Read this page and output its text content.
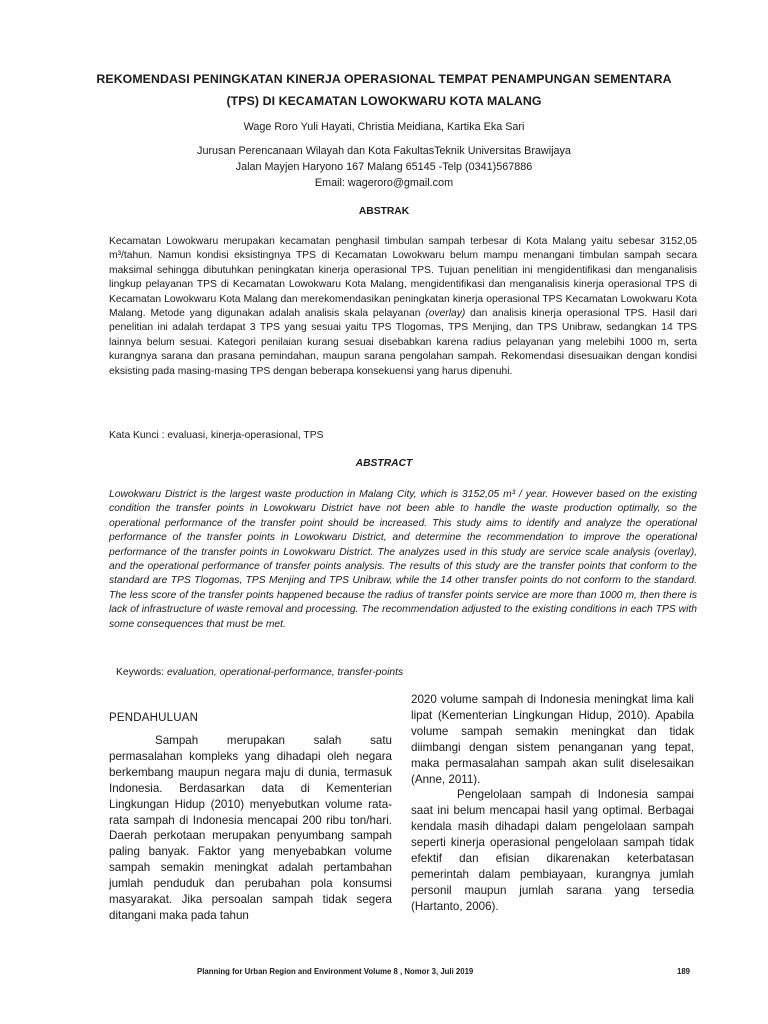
REKOMENDASI PENINGKATAN KINERJA OPERASIONAL TEMPAT PENAMPUNGAN SEMENTARA (TPS) DI KECAMATAN LOWOKWARU KOTA MALANG
Wage Roro Yuli Hayati, Christia Meidiana, Kartika Eka Sari
Jurusan Perencanaan Wilayah dan Kota FakultasTeknik Universitas Brawijaya
Jalan Mayjen Haryono 167 Malang 65145 -Telp (0341)567886
Email: wageroro@gmail.com
ABSTRAK

Kecamatan Lowokwaru merupakan kecamatan penghasil timbulan sampah terbesar di Kota Malang yaitu sebesar 3152,05 m³/tahun. Namun kondisi eksistingnya TPS di Kecamatan Lowokwaru belum mampu menangani timbulan sampah secara maksimal sehingga dibutuhkan peningkatan kinerja operasional TPS. Tujuan penelitian ini mengidentifikasi dan menganalisis lingkup pelayanan TPS di Kecamatan Lowokwaru Kota Malang, mengidentifikasi dan menganalisis kinerja operasional TPS di Kecamatan Lowokwaru Kota Malang dan merekomendasikan peningkatan kinerja operasional TPS Kecamatan Lowokwaru Kota Malang. Metode yang digunakan adalah analisis skala pelayanan (overlay) dan analisis kinerja operasional TPS. Hasil dari penelitian ini adalah terdapat 3 TPS yang sesuai yaitu TPS Tlogomas, TPS Menjing, dan TPS Unibraw, sedangkan 14 TPS lainnya belum sesuai. Kategori penilaian kurang sesuai disebabkan karena radius pelayanan yang melebihi 1000 m, serta kurangnya sarana dan prasana pemindahan, maupun sarana pengolahan sampah. Rekomendasi disesuaikan dengan kondisi eksisting pada masing-masing TPS dengan beberapa konsekuensi yang harus dipenuhi.

Kata Kunci : evaluasi, kinerja-operasional, TPS

ABSTRACT

Lowokwaru District is the largest waste production in Malang City, which is 3152,05 m³ / year. However based on the existing condition the transfer points in Lowokwaru District have not been able to handle the waste production optimally, so the operational performance of the transfer point should be increased. This study aims to identify and analyze the operational performance of the transfer points in Lowokwaru District, and determine the recommendation to improve the operational performance of the transfer points in Lowokwaru District. The analyzes used in this study are service scale analysis (overlay), and the operational performance of transfer points analysis. The results of this study are the transfer points that conform to the standard are TPS Tlogomas, TPS Menjing and TPS Unibraw, while the 14 other transfer points do not conform to the standard. The less score of the transfer points happened because the radius of transfer points service are more than 1000 m, then there is lack of infrastructure of waste removal and processing. The recommendation adjusted to the existing conditions in each TPS with some consequences that must be met.

Keywords: evaluation, operational-performance, transfer-points

PENDAHULUAN

Sampah merupakan salah satu permasalahan kompleks yang dihadapi oleh negara berkembang maupun negara maju di dunia, termasuk Indonesia. Berdasarkan data di Kementerian Lingkungan Hidup (2010) menyebutkan volume rata-rata sampah di Indonesia mencapai 200 ribu ton/hari. Daerah perkotaan merupakan penyumbang sampah paling banyak. Faktor yang menyebabkan volume sampah semakin meningkat adalah pertambahan jumlah penduduk dan perubahan pola konsumsi masyarakat. Jika persoalan sampah tidak segera ditangani maka pada tahun

2020 volume sampah di Indonesia meningkat lima kali lipat (Kementerian Lingkungan Hidup, 2010). Apabila volume sampah semakin meningkat dan tidak diimbangi dengan sistem penanganan yang tepat, maka permasalahan sampah akan sulit diselesaikan (Anne, 2011).

Pengelolaan sampah di Indonesia sampai saat ini belum mencapai hasil yang optimal. Berbagai kendala masih dihadapi dalam pengelolaan sampah seperti kinerja operasional pengelolaan sampah tidak efektif dan efisian dikarenakan keterbatasan pemerintah dalam pembiayaan, kurangnya jumlah personil maupun jumlah sarana yang tersedia (Hartanto, 2006).

Planning for Urban Region and Environment Volume 8 , Nomor 3, Juli 2019	189
